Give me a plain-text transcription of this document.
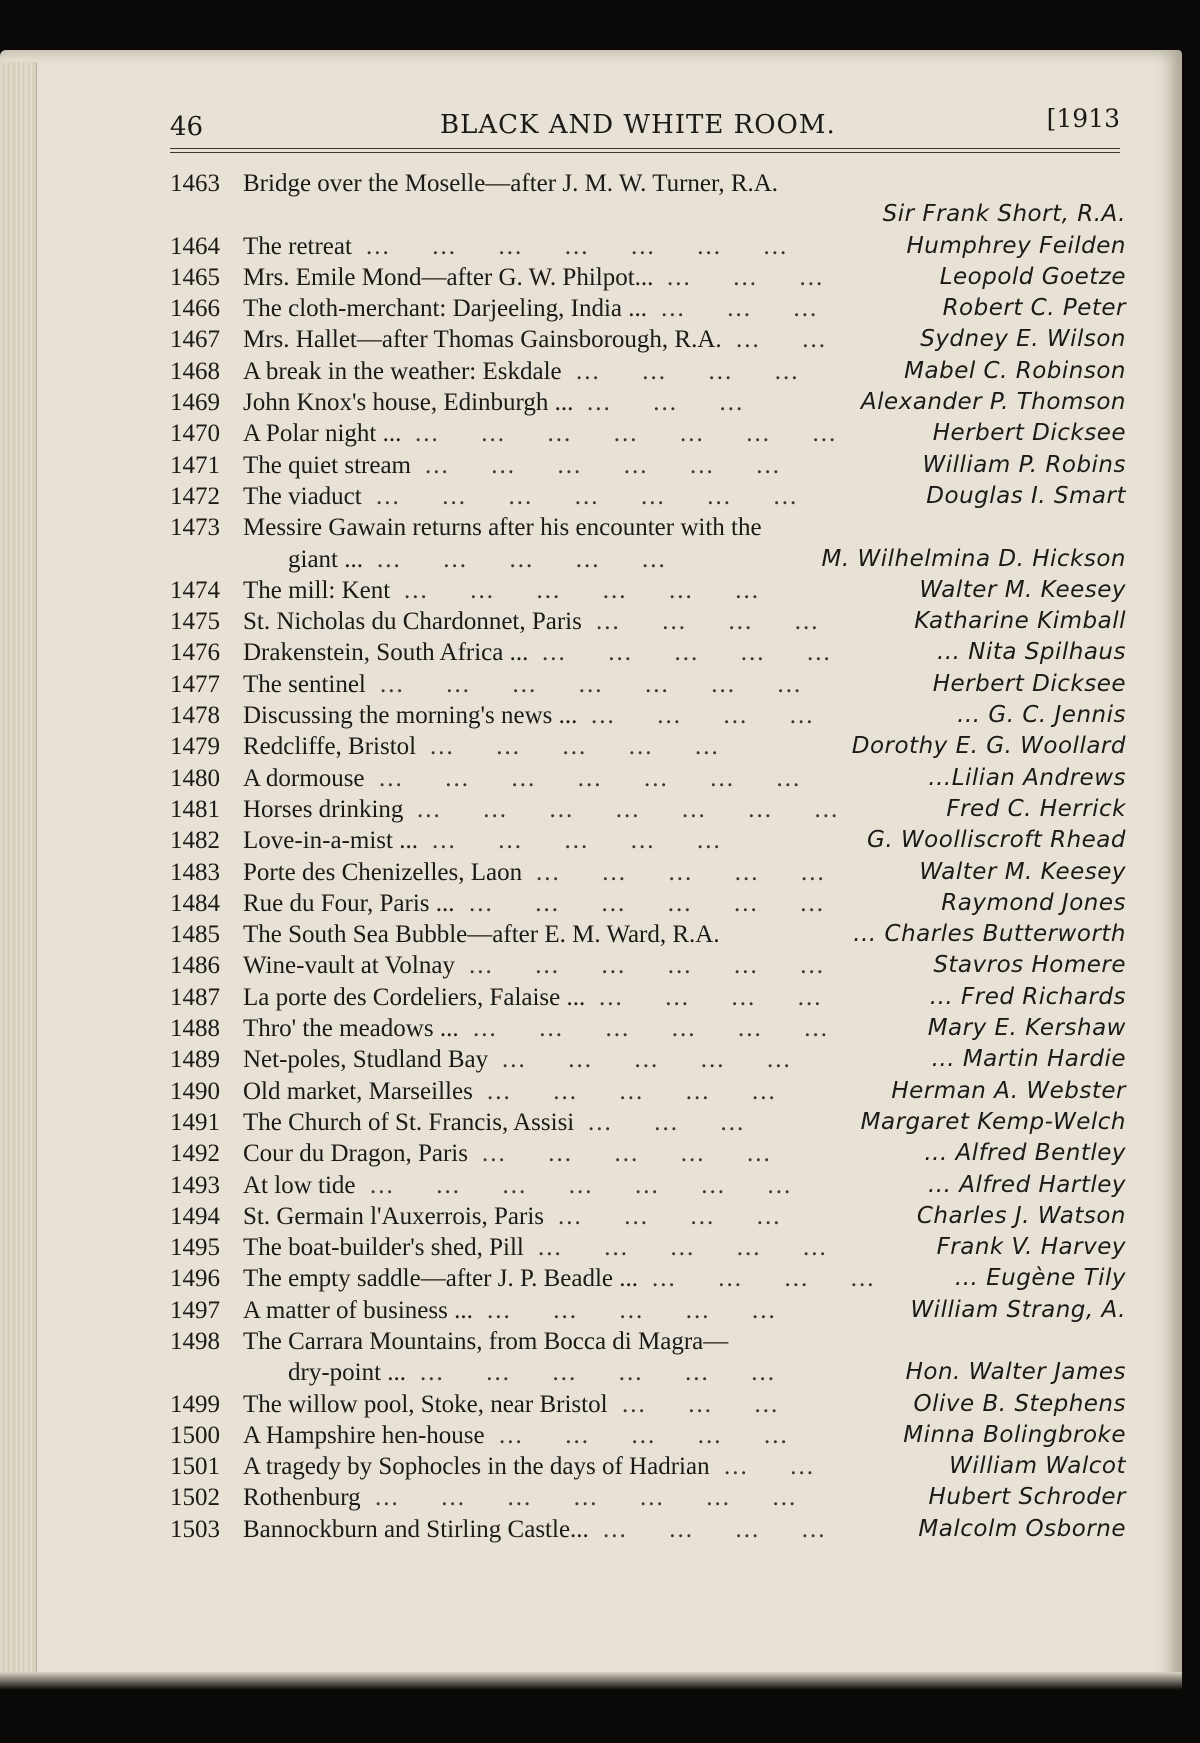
46	BLACK AND WHITE ROOM.	[1913
1463 Bridge over the Moselle—after J. M. W. Turner, R.A.
Sir Frank Short, R.A.
1464 The retreat	Humphrey Feilden
...  ...  ...  ...  ...  ...  ...  
1465 Mrs. Emile Mond—after G. W. Philpot...	Leopold Goetze
...  ...  ...  
1466 The cloth-merchant: Darjeeling, India ...	Robert C. Peter
...  ...  ...  
1467 Mrs. Hallet—after Thomas Gainsborough, R.A.	Sydney E. Wilson
...  ...  
1468 A break in the weather: Eskdale	Mabel C. Robinson
...  ...  ...  ...  
1469 John Knox's house, Edinburgh ...	Alexander P. Thomson
...  ...  ...  
1470 A Polar night ...	Herbert Dicksee
...  ...  ...  ...  ...  ...  ...  
1471 The quiet stream	William P. Robins
...  ...  ...  ...  ...  ...  
1472 The viaduct	Douglas I. Smart
...  ...  ...  ...  ...  ...  ...  
1473 Messire Gawain returns after his encounter with the
giant ...	M. Wilhelmina D. Hickson
...  ...  ...  ...  ...  
1474 The mill: Kent	Walter M. Keesey
...  ...  ...  ...  ...  ...  
1475 St. Nicholas du Chardonnet, Paris	Katharine Kimball
...  ...  ...  ...  
1476 Drakenstein, South Africa ...	... Nita Spilhaus
...  ...  ...  ...  ...  
1477 The sentinel	Herbert Dicksee
...  ...  ...  ...  ...  ...  ...  
1478 Discussing the morning's news ...	... G. C. Jennis
...  ...  ...  ...  
1479 Redcliffe, Bristol	Dorothy E. G. Woollard
...  ...  ...  ...  ...  
1480 A dormouse	...Lilian Andrews
...  ...  ...  ...  ...  ...  ...  
1481 Horses drinking	Fred C. Herrick
...  ...  ...  ...  ...  ...  ...  
1482 Love-in-a-mist ...	G. Woolliscroft Rhead
...  ...  ...  ...  ...  
1483 Porte des Chenizelles, Laon	Walter M. Keesey
...  ...  ...  ...  ...  
1484 Rue du Four, Paris ...	Raymond Jones
...  ...  ...  ...  ...  ...  
1485 The South Sea Bubble—after E. M. Ward, R.A.	... Charles Butterworth
1486 Wine-vault at Volnay	Stavros Homere
...  ...  ...  ...  ...  ...  
1487 La porte des Cordeliers, Falaise ...	... Fred Richards
...  ...  ...  ...  
1488 Thro' the meadows ...	Mary E. Kershaw
...  ...  ...  ...  ...  ...  
1489 Net-poles, Studland Bay	... Martin Hardie
...  ...  ...  ...  ...  
1490 Old market, Marseilles	Herman A. Webster
...  ...  ...  ...  ...  
1491 The Church of St. Francis, Assisi	Margaret Kemp-Welch
...  ...  ...  
1492 Cour du Dragon, Paris	... Alfred Bentley
...  ...  ...  ...  ...  
1493 At low tide	... Alfred Hartley
...  ...  ...  ...  ...  ...  ...  
1494 St. Germain l'Auxerrois, Paris	Charles J. Watson
...  ...  ...  ...  
1495 The boat-builder's shed, Pill	Frank V. Harvey
...  ...  ...  ...  ...  
1496 The empty saddle—after J. P. Beadle ...	... Eugène Tily
...  ...  ...  ...  
1497 A matter of business ...	William Strang, A.
...  ...  ...  ...  ...  
1498 The Carrara Mountains, from Bocca di Magra—
dry-point ...	Hon. Walter James
...  ...  ...  ...  ...  ...  
1499 The willow pool, Stoke, near Bristol	Olive B. Stephens
...  ...  ...  
1500 A Hampshire hen-house	Minna Bolingbroke
...  ...  ...  ...  ...  
1501 A tragedy by Sophocles in the days of Hadrian	William Walcot
...  ...  
1502 Rothenburg	Hubert Schroder
...  ...  ...  ...  ...  ...  ...  
1503 Bannockburn and Stirling Castle...	Malcolm Osborne
...  ...  ...  ...  
